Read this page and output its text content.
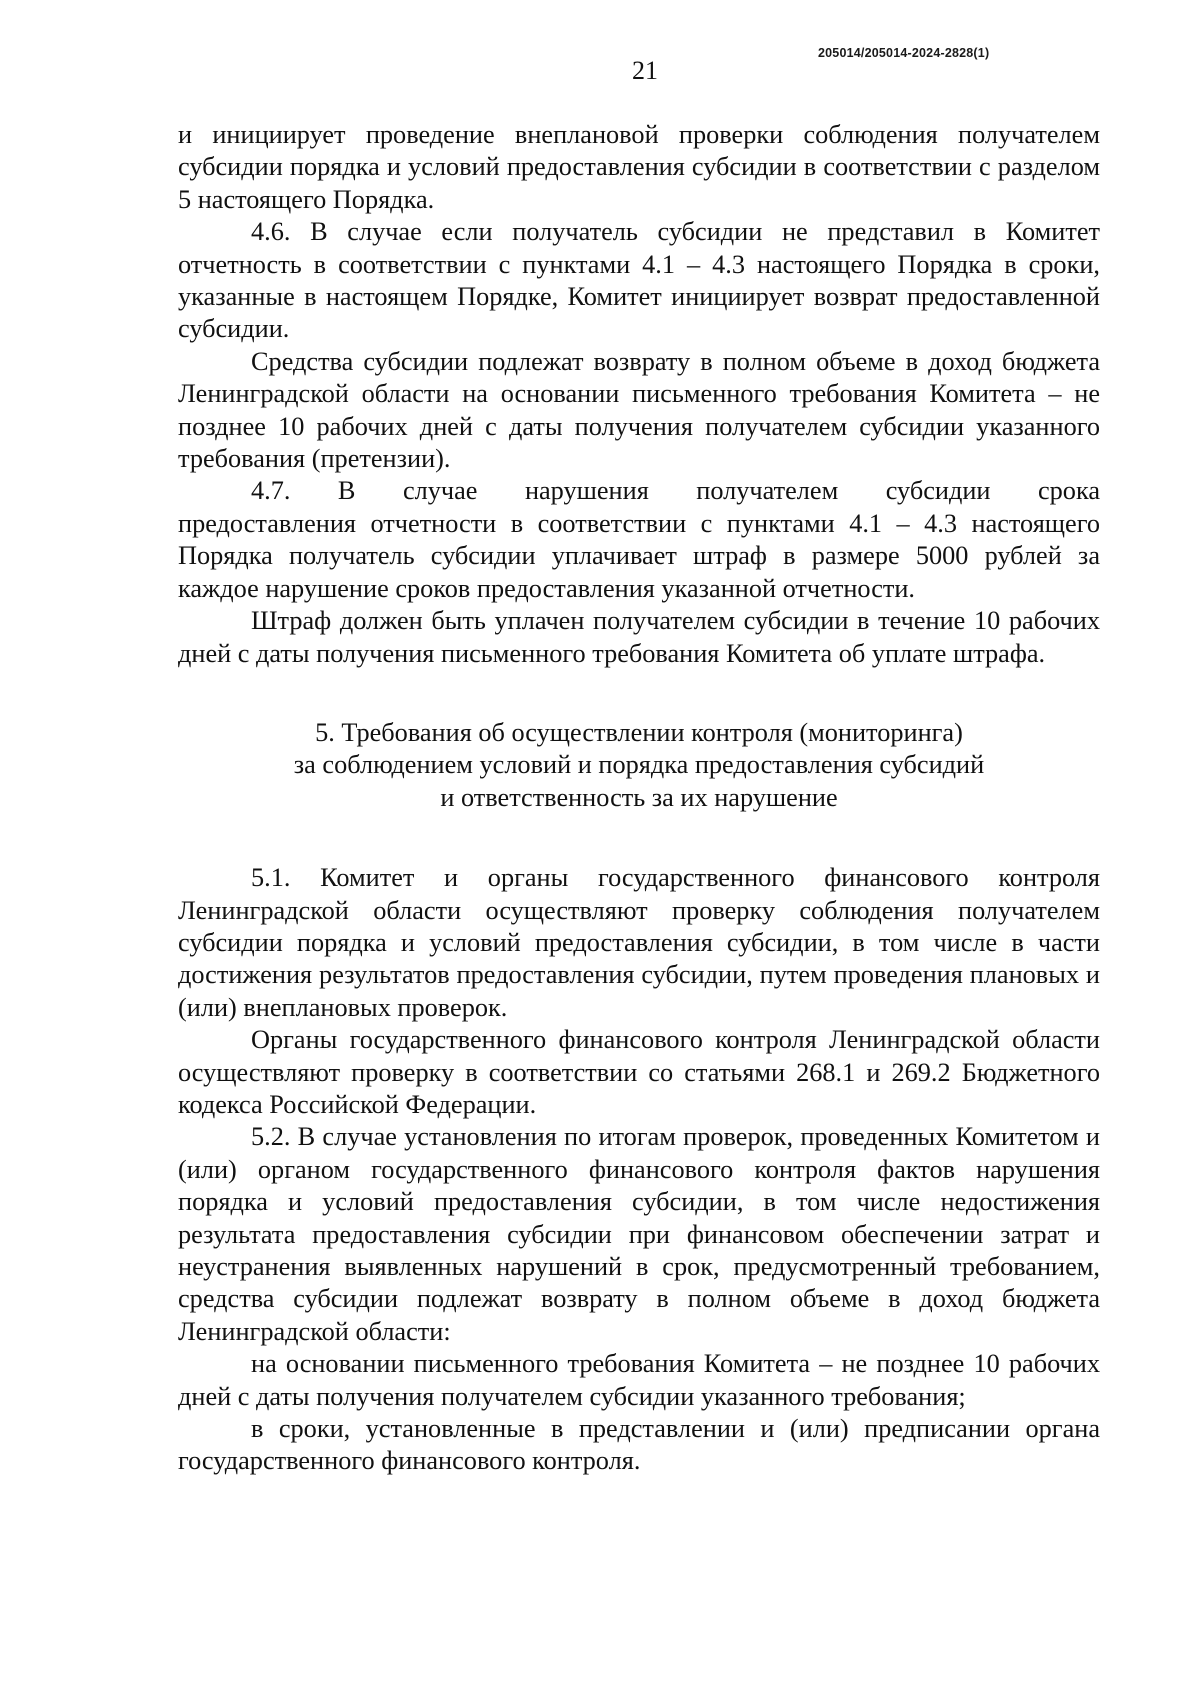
205014/205014-2024-2828(1)
21

и инициирует проведение внеплановой проверки соблюдения получателем субсидии порядка и условий предоставления субсидии в соответствии с разделом 5 настоящего Порядка.

4.6. В случае если получатель субсидии не представил в Комитет отчетность в соответствии с пунктами 4.1 – 4.3 настоящего Порядка в сроки, указанные в настоящем Порядке, Комитет инициирует возврат предоставленной субсидии.

Средства субсидии подлежат возврату в полном объеме в доход бюджета Ленинградской области на основании письменного требования Комитета – не позднее 10 рабочих дней с даты получения получателем субсидии указанного требования (претензии).

4.7. В случае нарушения получателем субсидии срока

предоставления отчетности в соответствии с пунктами 4.1 – 4.3 настоящего Порядка получатель субсидии уплачивает штраф в размере 5000 рублей за каждое нарушение сроков предоставления указанной отчетности.

Штраф должен быть уплачен получателем субсидии в течение 10 рабочих дней с даты получения письменного требования Комитета об уплате штрафа.

5. Требования об осуществлении контроля (мониторинга)
за соблюдением условий и порядка предоставления субсидий
и ответственность за их нарушение

5.1. Комитет и органы государственного финансового контроля Ленинградской области осуществляют проверку соблюдения получателем субсидии порядка и условий предоставления субсидии, в том числе в части достижения результатов предоставления субсидии, путем проведения плановых и (или) внеплановых проверок.

Органы государственного финансового контроля Ленинградской области осуществляют проверку в соответствии со статьями 268.1 и 269.2 Бюджетного кодекса Российской Федерации.

5.2. В случае установления по итогам проверок, проведенных Комитетом и (или) органом государственного финансового контроля фактов нарушения порядка и условий предоставления субсидии, в том числе недостижения результата предоставления субсидии при финансовом обеспечении затрат и неустранения выявленных нарушений в срок, предусмотренный требованием, средства субсидии подлежат возврату в полном объеме в доход бюджета Ленинградской области:

на основании письменного требования Комитета – не позднее 10 рабочих дней с даты получения получателем субсидии указанного требования;

в сроки, установленные в представлении и (или) предписании органа государственного финансового контроля.
